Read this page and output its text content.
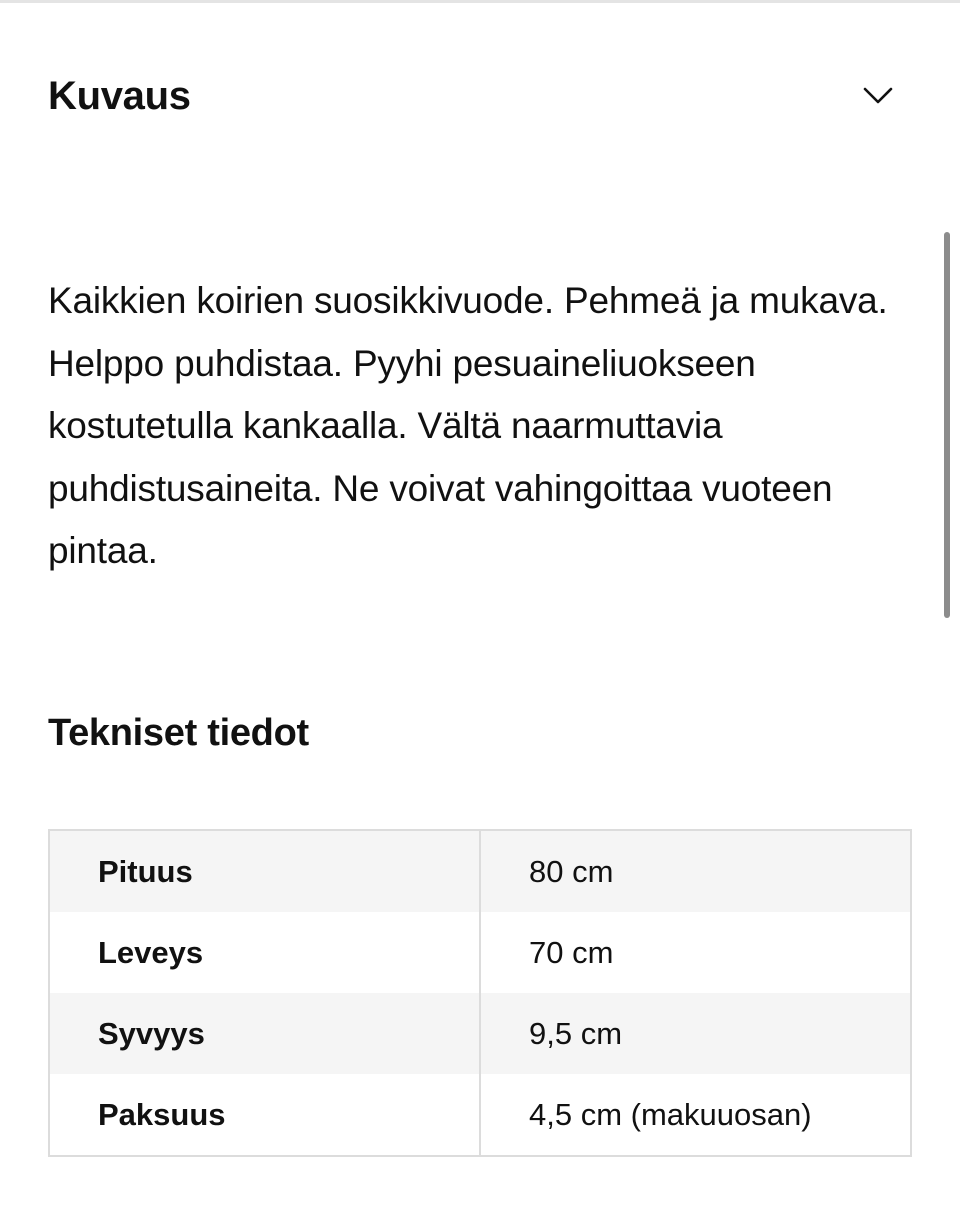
Kuvaus

Kaikkien koirien suosikkivuode. Pehmeä ja mukava. Helppo puhdistaa. Pyyhi pesuaineliuokseen kostutetulla kankaalla. Vältä naarmuttavia puhdistusaineita. Ne voivat vahingoittaa vuoteen pintaa.

Tekniset tiedot
Pituus	80 cm
Leveys	70 cm
Syvyys	9,5 cm
Paksuus	4,5 cm (makuuosan)
